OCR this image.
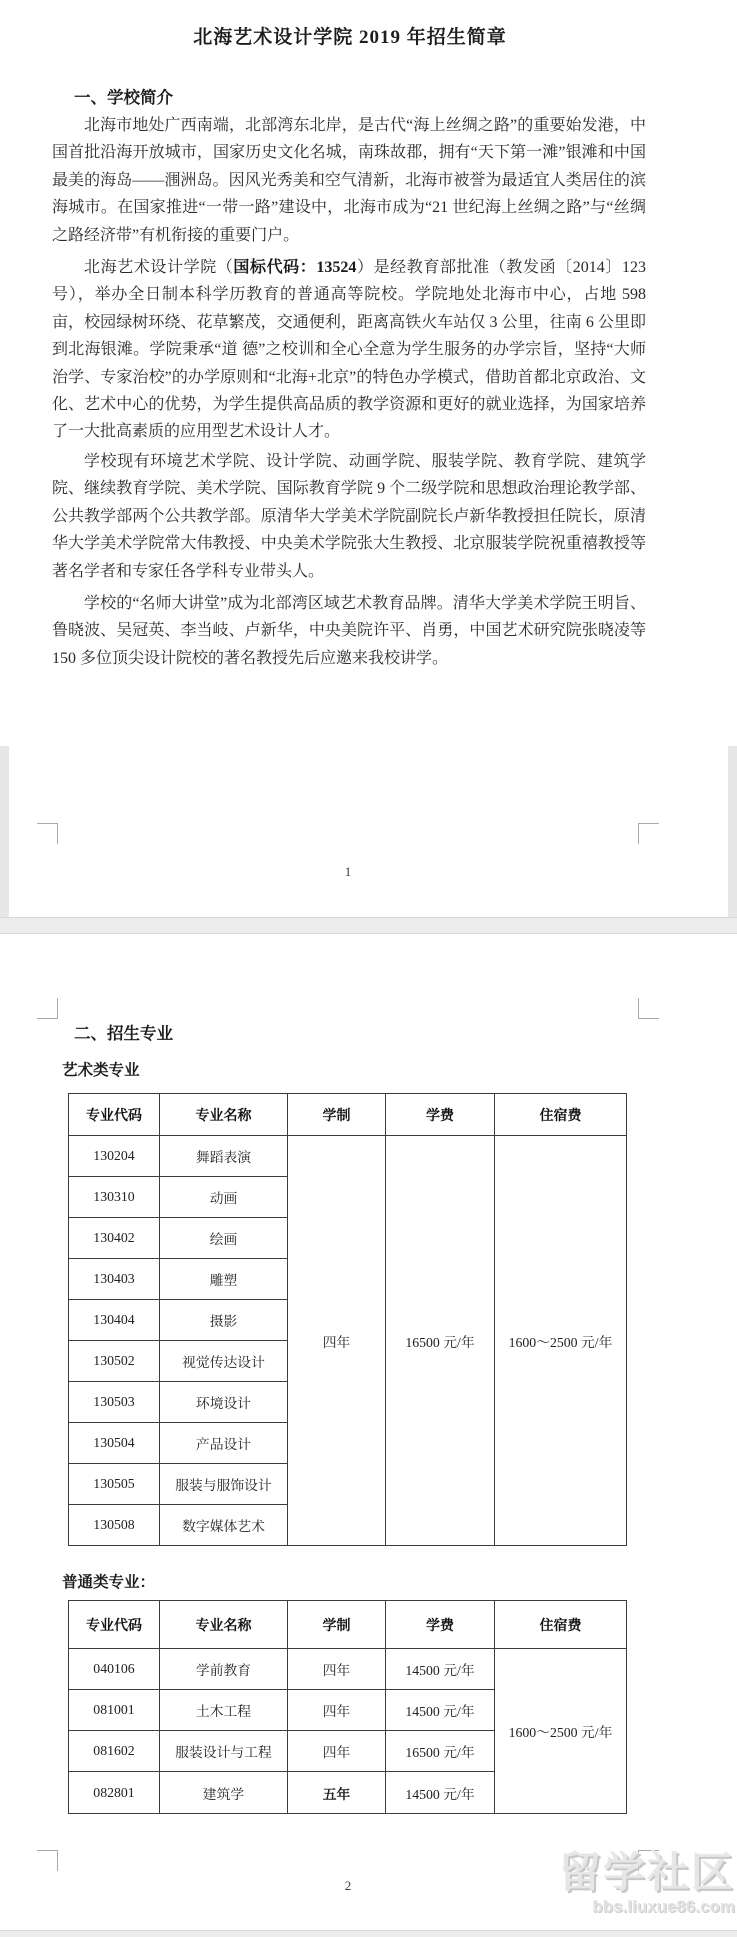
北海艺术设计学院 2019 年招生简章
一、学校简介

北海市地处广西南端，北部湾东北岸，是古代“海上丝绸之路”的重要始发港，中国首批沿海开放城市，国家历史文化名城，南珠故郡，拥有“天下第一滩”银滩和中国最美的海岛——涠洲岛。因风光秀美和空气清新，北海市被誉为最适宜人类居住的滨海城市。在国家推进“一带一路”建设中，北海市成为“21 世纪海上丝绸之路”与“丝绸之路经济带”有机衔接的重要门户。

北海艺术设计学院（国标代码：13524）是经教育部批准（教发函〔2014〕123 号），举办全日制本科学历教育的普通高等院校。学院地处北海市中心，占地 598 亩，校园绿树环绕、花草繁茂，交通便利，距离高铁火车站仅 3 公里，往南 6 公里即到北海银滩。学院秉承“道 德”之校训和全心全意为学生服务的办学宗旨，坚持“大师治学、专家治校”的办学原则和“北海+北京”的特色办学模式，借助首都北京政治、文化、艺术中心的优势，为学生提供高品质的教学资源和更好的就业选择，为国家培养了一大批高素质的应用型艺术设计人才。

学校现有环境艺术学院、设计学院、动画学院、服装学院、教育学院、建筑学院、继续教育学院、美术学院、国际教育学院 9 个二级学院和思想政治理论教学部、公共教学部两个公共教学部。原清华大学美术学院副院长卢新华教授担任院长，原清华大学美术学院常大伟教授、中央美术学院张大生教授、北京服装学院祝重禧教授等著名学者和专家任各学科专业带头人。

学校的“名师大讲堂”成为北部湾区域艺术教育品牌。清华大学美术学院王明旨、鲁晓波、吴冠英、李当岐、卢新华，中央美院许平、肖勇，中国艺术研究院张晓凌等 150 多位顶尖设计院校的著名教授先后应邀来我校讲学。

1
二、招生专业
艺术类专业
专业代码	专业名称	学制	学费	住宿费
130204	舞蹈表演	四年	16500 元/年	1600～2500 元/年
130310	动画			
130402	绘画			
130403	雕塑			
130404	摄影			
130502	视觉传达设计			
130503	环境设计			
130504	产品设计			
130505	服装与服饰设计			
130508	数字媒体艺术			
普通类专业：
专业代码	专业名称	学制	学费	住宿费
040106	学前教育	四年	14500 元/年	1600～2500 元/年
081001	土木工程	四年	14500 元/年	
081602	服装设计与工程	四年	16500 元/年	
082801	建筑学	五年	14500 元/年	
2	留学社区
bbs.liuxue86.com
